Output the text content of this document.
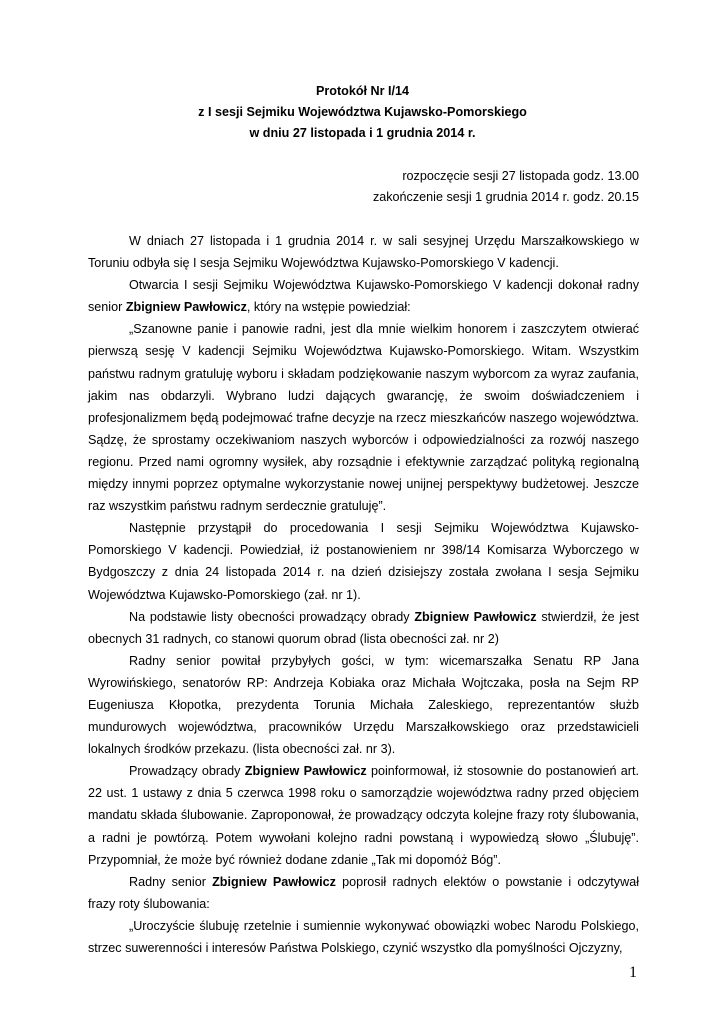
Protokół Nr I/14
z I sesji Sejmiku Województwa Kujawsko-Pomorskiego
w dniu 27 listopada i 1 grudnia 2014 r.
rozpoczęcie sesji 27 listopada godz. 13.00
zakończenie sesji 1 grudnia 2014 r. godz. 20.15

W dniach 27 listopada i 1 grudnia 2014 r. w sali sesyjnej Urzędu Marszałkowskiego w Toruniu odbyła się I sesja Sejmiku Województwa Kujawsko-Pomorskiego V kadencji.

Otwarcia I sesji Sejmiku Województwa Kujawsko-Pomorskiego V kadencji dokonał radny senior Zbigniew Pawłowicz, który na wstępie powiedział:

„Szanowne panie i panowie radni, jest dla mnie wielkim honorem i zaszczytem otwierać pierwszą sesję V kadencji Sejmiku Województwa Kujawsko-Pomorskiego. Witam. Wszystkim państwu radnym gratuluję wyboru i składam podziękowanie naszym wyborcom za wyraz zaufania, jakim nas obdarzyli. Wybrano ludzi dających gwarancję, że swoim doświadczeniem i profesjonalizmem będą podejmować trafne decyzje na rzecz mieszkańców naszego województwa. Sądzę, że sprostamy oczekiwaniom naszych wyborców i odpowiedzialności za rozwój naszego regionu. Przed nami ogromny wysiłek, aby rozsądnie i efektywnie zarządzać polityką regionalną między innymi poprzez optymalne wykorzystanie nowej unijnej perspektywy budżetowej. Jeszcze raz wszystkim państwu radnym serdecznie gratuluję”.

Następnie przystąpił do procedowania I sesji Sejmiku Województwa Kujawsko-Pomorskiego V kadencji. Powiedział, iż postanowieniem nr 398/14 Komisarza Wyborczego w Bydgoszczy z dnia 24 listopada 2014 r. na dzień dzisiejszy została zwołana I sesja Sejmiku Województwa Kujawsko-Pomorskiego (zał. nr 1).

Na podstawie listy obecności prowadzący obrady Zbigniew Pawłowicz stwierdził, że jest obecnych 31 radnych, co stanowi quorum obrad (lista obecności zał. nr 2)

Radny senior powitał przybyłych gości, w tym: wicemarszałka Senatu RP Jana Wyrowińskiego, senatorów RP: Andrzeja Kobiaka oraz Michała Wojtczaka, posła na Sejm RP Eugeniusza Kłopotka, prezydenta Torunia Michała Zaleskiego, reprezentantów służb mundurowych województwa, pracowników Urzędu Marszałkowskiego oraz przedstawicieli lokalnych środków przekazu. (lista obecności zał. nr 3).

Prowadzący obrady Zbigniew Pawłowicz poinformował, iż stosownie do postanowień art. 22 ust. 1 ustawy z dnia 5 czerwca 1998 roku o samorządzie województwa radny przed objęciem mandatu składa ślubowanie. Zaproponował, że prowadzący odczyta kolejne frazy roty ślubowania, a radni je powtórzą. Potem wywołani kolejno radni powstaną i wypowiedzą słowo „Ślubuję”. Przypomniał, że może być również dodane zdanie „Tak mi dopomóż Bóg”.

Radny senior Zbigniew Pawłowicz poprosił radnych elektów o powstanie i odczytywał frazy roty ślubowania:

„Uroczyście ślubuję rzetelnie i sumiennie wykonywać obowiązki wobec Narodu Polskiego, strzec suwerenności i interesów Państwa Polskiego, czynić wszystko dla pomyślności Ojczyzny,

1
